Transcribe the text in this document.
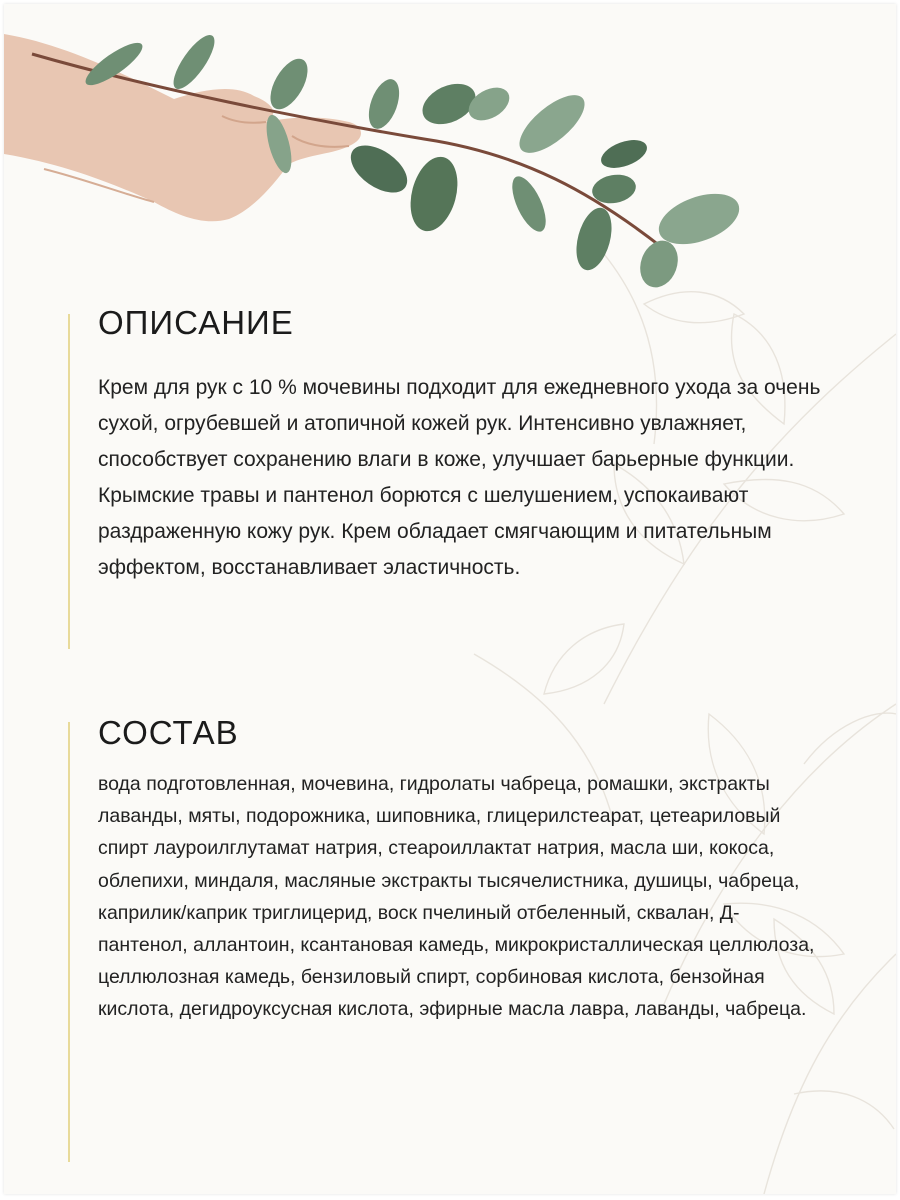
ОПИСАНИЕ

Крем для рук с 10 % мочевины подходит для ежедневного ухода за очень сухой, огрубевшей и атопичной кожей рук. Интенсивно увлажняет, способствует сохранению влаги в коже, улучшает барьерные функции.
Крымские травы и пантенол борются с шелушением, успокаивают раздраженную кожу рук. Крем обладает смягчающим и питательным эффектом, восстанавливает эластичность.

СОСТАВ

вода подготовленная, мочевина, гидролаты чабреца, ромашки, экстракты лаванды, мяты, подорожника, шиповника, глицерилстеарат, цетеариловый спирт лауроилглутамат натрия, стеароиллактат натрия, масла ши, кокоса, облепихи, миндаля, масляные экстракты тысячелистника, душицы, чабреца, каприлик/каприк триглицерид, воск пчелиный отбеленный, сквалан, Д-пантенол, аллантоин, ксантановая камедь, микрокристаллическая целлюлоза, целлюлозная камедь, бензиловый спирт, сорбиновая кислота, бензойная кислота, дегидроуксусная кислота, эфирные масла лавра, лаванды, чабреца.
